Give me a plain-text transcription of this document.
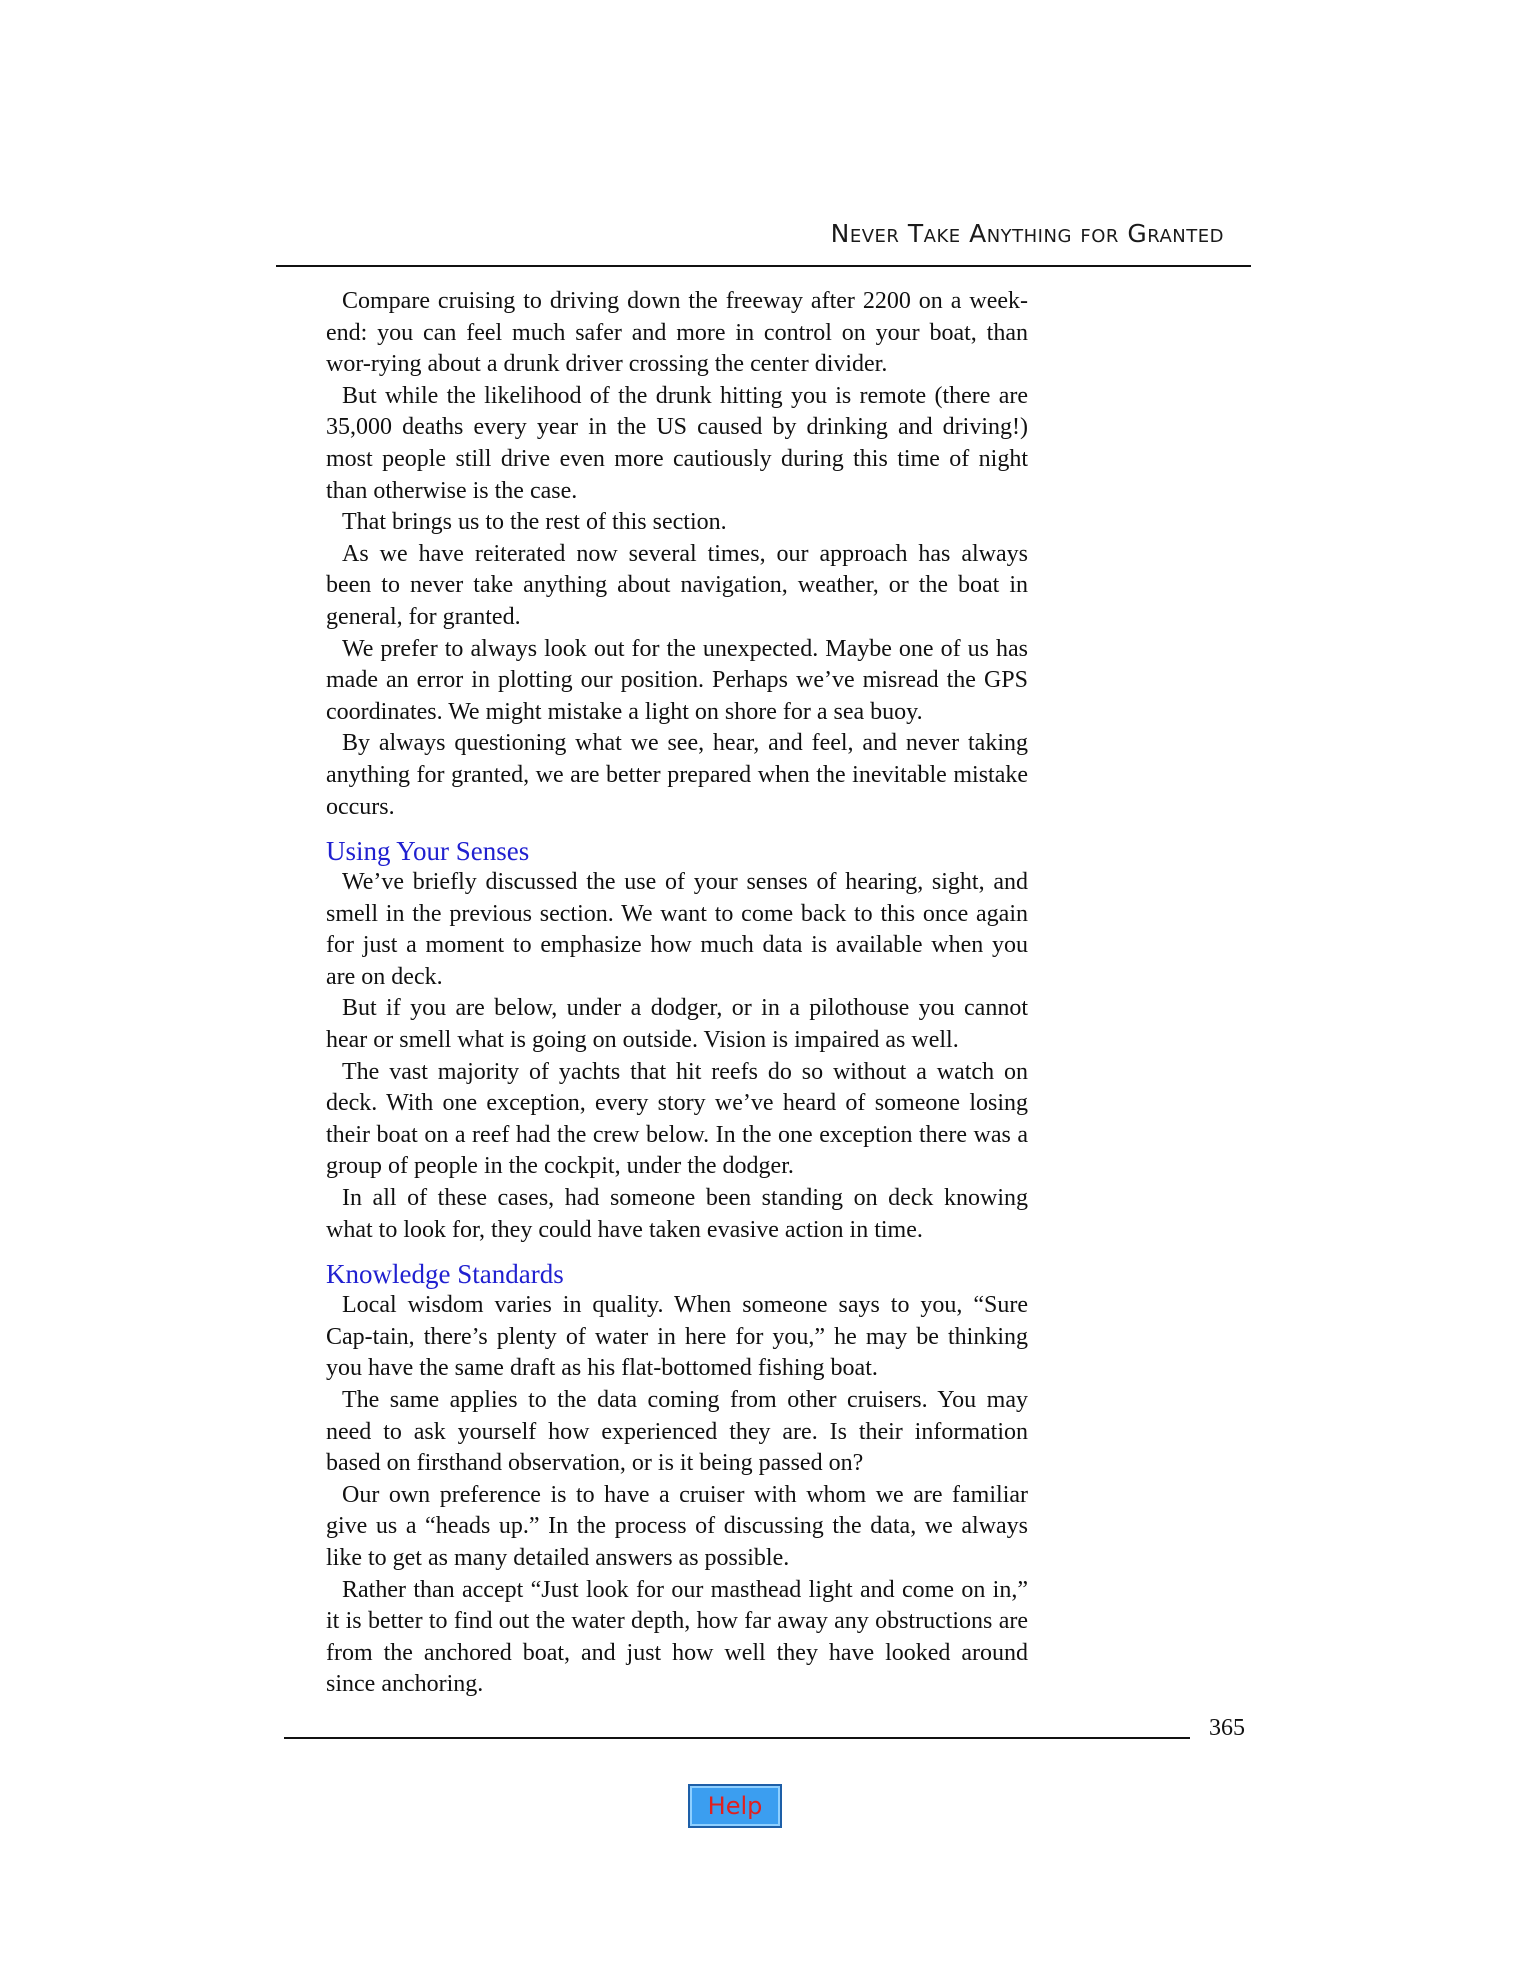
Never Take Anything for Granted

Compare cruising to driving down the freeway after 2200 on a week-end: you can feel much safer and more in control on your boat, than wor-rying about a drunk driver crossing the center divider.

But while the likelihood of the drunk hitting you is remote (there are 35,000 deaths every year in the US caused by drinking and driving!) most people still drive even more cautiously during this time of night than otherwise is the case.

That brings us to the rest of this section.

As we have reiterated now several times, our approach has always been to never take anything about navigation, weather, or the boat in general, for granted.

We prefer to always look out for the unexpected. Maybe one of us has made an error in plotting our position. Perhaps we’ve misread the GPS coordinates. We might mistake a light on shore for a sea buoy.

By always questioning what we see, hear, and feel, and never taking anything for granted, we are better prepared when the inevitable mistake occurs.

Using Your Senses

We’ve briefly discussed the use of your senses of hearing, sight, and smell in the previous section. We want to come back to this once again for just a moment to emphasize how much data is available when you are on deck.

But if you are below, under a dodger, or in a pilothouse you cannot hear or smell what is going on outside. Vision is impaired as well.

The vast majority of yachts that hit reefs do so without a watch on deck. With one exception, every story we’ve heard of someone losing their boat on a reef had the crew below. In the one exception there was a group of people in the cockpit, under the dodger.

In all of these cases, had someone been standing on deck knowing what to look for, they could have taken evasive action in time.

Knowledge Standards

Local wisdom varies in quality. When someone says to you, “Sure Cap-tain, there’s plenty of water in here for you,” he may be thinking you have the same draft as his flat-bottomed fishing boat.

The same applies to the data coming from other cruisers. You may need to ask yourself how experienced they are. Is their information based on firsthand observation, or is it being passed on?

Our own preference is to have a cruiser with whom we are familiar give us a “heads up.” In the process of discussing the data, we always like to get as many detailed answers as possible.

Rather than accept “Just look for our masthead light and come on in,” it is better to find out the water depth, how far away any obstructions are from the anchored boat, and just how well they have looked around since anchoring.

365
Help
